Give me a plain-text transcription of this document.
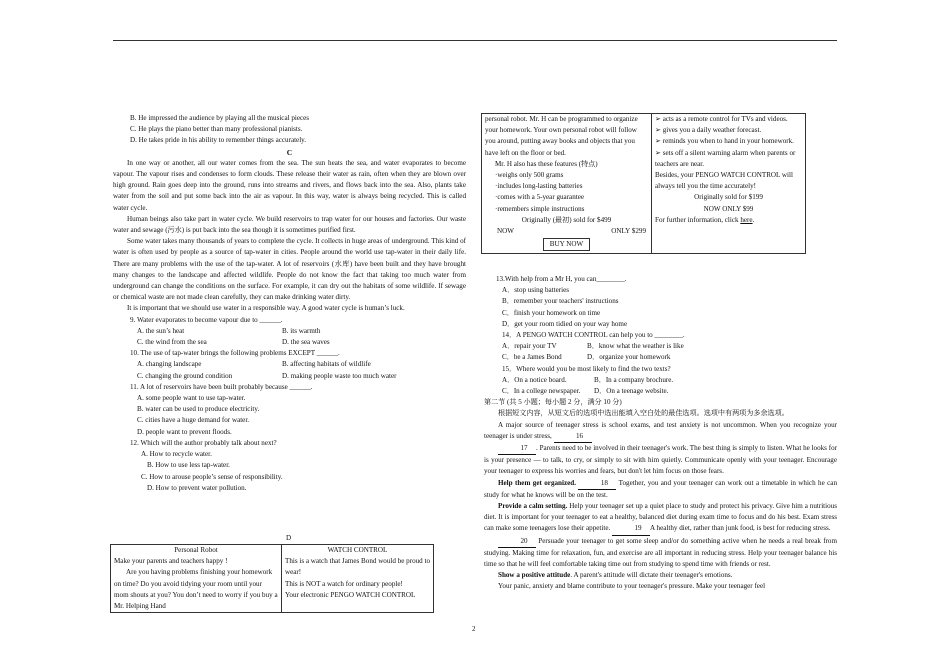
B. He impressed the audience by playing all the musical pieces

C. He plays the piano better than many professional pianists.

D. He takes pride in his ability to remember things accurately.

C

In one way or another, all our water comes from the sea. The sun heats the sea, and water evaporates to become vapour. The vapour rises and condenses to form clouds. These release their water as rain, often when they are blown over high ground. Rain goes deep into the ground, runs into streams and rivers, and flows back into the sea. Also, plants take water from the soil and put some back into the air as vapour. In this way, water is always being recycled. This is called water cycle.

Human beings also take part in water cycle. We build reservoirs to trap water for our houses and factories. Our waste water and sewage (污水) is put back into the sea though it is sometimes purified first.

Some water takes many thousands of years to complete the cycle. It collects in huge areas of underground. This kind of water is often used by people as a source of tap-water in cities. People around the world use tap-water in their daily life. There are many problems with the use of the tap-water. A lot of reservoirs (水库) have been built and they have brought many changes to the landscape and affected wildlife. People do not know the fact that taking too much water from underground can change the conditions on the surface. For example, it can dry out the habitats of some wildlife. If sewage or chemical waste are not made clean carefully, they can make drinking water dirty.

It is important that we should use water in a responsible way. A good water cycle is human’s luck.

9. Water evaporates to become vapour due to ______.

A. the sun’s heat	B. its warmth
C. the wind from the sea	D. the sea waves

10. The use of tap-water brings the following problems EXCEPT ______.

A. changing landscape	B. affecting habitats of wildlife
C. changing the ground condition	D. making people waste too much water

11. A lot of reservoirs have been built probably because ______.

A. some people want to use tap-water.

B. water can be used to produce electricity.

C. cities have a huge demand for water.

D. people want to prevent floods.

12. Which will the author probably talk about next?

A. How to recycle water.

B. How to use less tap-water.

C. How to arouse people’s sense of responsibility.

D. How to prevent water pollution.

D
Personal Robot
Make your parents and teachers happy !
Are you having problems finishing your homework on time? Do you avoid tidying your room until your mom shouts at you? You don’t need to worry if you buy a Mr. Helping Hand

WATCH CONTROL
This is a watch that James Bond would be proud to wear!
This is NOT a watch for ordinary people!
Your electronic PENGO WATCH CONTROL
personal robot. Mr. H can be programmed to organize your homework. Your own personal robot will follow you around, putting away books and objects that you have left on the floor or bed.
Mr. H also has these features (特点)
·weighs only 500 grams
·includes long-lasting batteries
·comes with a 5-year guarantee
·remembers simple instructions
Originally (最初) sold for $499
NOW	ONLY $299
BUY NOW

➢ acts as a remote control for TVs and videos.
➢ gives you a daily weather forecast.
➢ reminds you when to hand in your homework.
➢ sets off a silent warning alarm when parents or teachers are near.
Besides, your PENGO WATCH CONTROL will always tell you the time accurately!
Originally sold for $199
NOW ONLY $99
For further information, click here.

13.With help from a Mr H, you can________.

A．stop using batteries

B．remember your teachers' instructions

C．finish your homework on time

D．get your room tidied on your way home

14．A PENGO WATCH CONTROL can help you to ________.

A．repair your TV	B．know what the weather is like
C．be a James Bond	D．organize your homework

15．Where would you be most likely to find the two texts?

A．On a notice board.	B．In a company brochure.
C．In a college newspaper.	D．On a teenage website.

第二节 (共 5 小题；每小题 2 分，满分 10 分)

根据短文内容，从短文后的选项中选出能填入空白处的最佳选项。选项中有两项为多余选项。

A major source of teenager stress is school exams, and test anxiety is not uncommon. When you recognize your teenager is under stress,	16

17 . Parents need to be involved in their teenager's work. The best thing is simply to listen. What he looks for is your presence — to talk, to cry, or simply to sit with him quietly. Communicate openly with your teenager. Encourage your teenager to express his worries and fears, but don't let him focus on those fears.

Help them get organized.	18 Together, you and your teenager can work out a timetable in which he can study for what he knows will be on the test.

Provide a calm setting. Help your teenager set up a quiet place to study and protect his privacy. Give him a nutritious diet. It is important for your teenager to eat a healthy, balanced diet during exam time to focus and do his best. Exam stress can make some teenagers lose their appetite.	19 A healthy diet, rather than junk food, is best for reducing stress.

20 Persuade your teenager to get some sleep and/or do something active when he needs a real break from studying. Making time for relaxation, fun, and exercise are all important in reducing stress. Help your teenager balance his time so that he will feel comfortable taking time out from studying to spend time with friends or rest.

Show a positive attitude. A parent's attitude will dictate their teenager's emotions.

Your panic, anxiety and blame contribute to your teenager's pressure. Make your teenager feel

2
